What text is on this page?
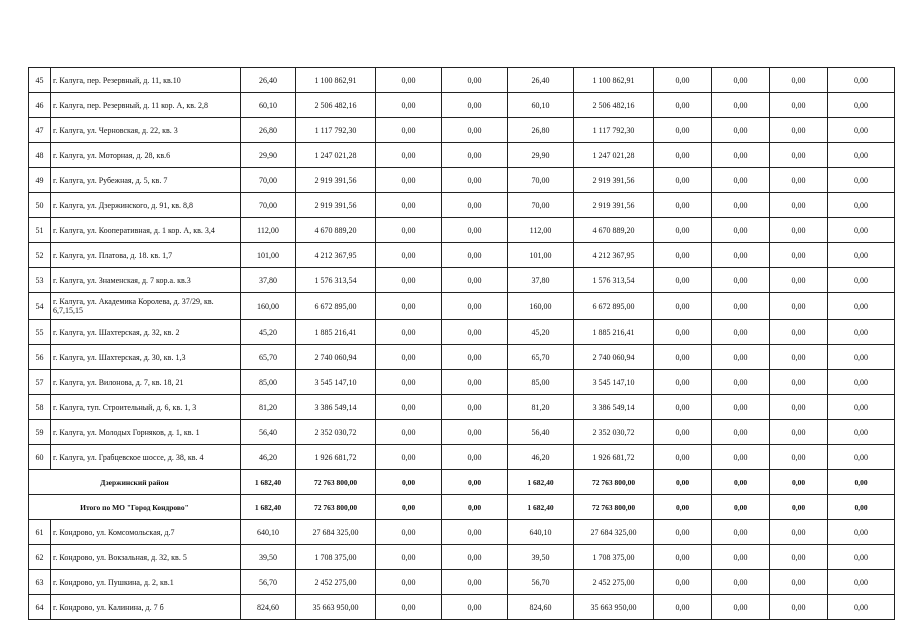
45	г. Калуга, пер. Резервный, д. 11, кв.10	26,40	1 100 862,91	0,00	0,00	26,40	1 100 862,91	0,00	0,00	0,00	0,00
46	г. Калуга, пер. Резервный, д. 11 кор. А, кв. 2,8	60,10	2 506 482,16	0,00	0,00	60,10	2 506 482,16	0,00	0,00	0,00	0,00
47	г. Калуга, ул. Черновская, д. 22, кв. 3	26,80	1 117 792,30	0,00	0,00	26,80	1 117 792,30	0,00	0,00	0,00	0,00
48	г. Калуга, ул. Моторная, д. 28, кв.6	29,90	1 247 021,28	0,00	0,00	29,90	1 247 021,28	0,00	0,00	0,00	0,00
49	г. Калуга, ул. Рубежная, д. 5, кв. 7	70,00	2 919 391,56	0,00	0,00	70,00	2 919 391,56	0,00	0,00	0,00	0,00
50	г. Калуга, ул. Дзержинского, д. 91, кв. 8,8	70,00	2 919 391,56	0,00	0,00	70,00	2 919 391,56	0,00	0,00	0,00	0,00
51	г. Калуга, ул. Кооперативная, д. 1 кор. А, кв. 3,4	112,00	4 670 889,20	0,00	0,00	112,00	4 670 889,20	0,00	0,00	0,00	0,00
52	г. Калуга, ул. Платова, д. 18. кв. 1,7	101,00	4 212 367,95	0,00	0,00	101,00	4 212 367,95	0,00	0,00	0,00	0,00
53	г. Калуга, ул. Знаменская, д. 7 кор.а. кв.3	37,80	1 576 313,54	0,00	0,00	37,80	1 576 313,54	0,00	0,00	0,00	0,00
54	г. Калуга, ул. Академика Королева, д. 37/29, кв. 6,7,15,15	160,00	6 672 895,00	0,00	0,00	160,00	6 672 895,00	0,00	0,00	0,00	0,00
55	г. Калуга, ул. Шахтерская, д. 32, кв. 2	45,20	1 885 216,41	0,00	0,00	45,20	1 885 216,41	0,00	0,00	0,00	0,00
56	г. Калуга, ул. Шахтерская, д. 30, кв. 1,3	65,70	2 740 060,94	0,00	0,00	65,70	2 740 060,94	0,00	0,00	0,00	0,00
57	г. Калуга, ул. Вилонова, д. 7, кв. 18, 21	85,00	3 545 147,10	0,00	0,00	85,00	3 545 147,10	0,00	0,00	0,00	0,00
58	г. Калуга, туп. Строительный, д. 6, кв. 1, 3	81,20	3 386 549,14	0,00	0,00	81,20	3 386 549,14	0,00	0,00	0,00	0,00
59	г. Калуга, ул. Молодых Горняков, д. 1, кв. 1	56,40	2 352 030,72	0,00	0,00	56,40	2 352 030,72	0,00	0,00	0,00	0,00
60	г. Калуга, ул. Грабцевское шоссе, д. 38, кв. 4	46,20	1 926 681,72	0,00	0,00	46,20	1 926 681,72	0,00	0,00	0,00	0,00
Дзержинский район		1 682,40	72 763 800,00	0,00	0,00	1 682,40	72 763 800,00	0,00	0,00	0,00	0,00
Итого по МО "Город Кондрово"		1 682,40	72 763 800,00	0,00	0,00	1 682,40	72 763 800,00	0,00	0,00	0,00	0,00
61	г. Кондрово, ул. Комсомольская, д.7	640,10	27 684 325,00	0,00	0,00	640,10	27 684 325,00	0,00	0,00	0,00	0,00
62	г. Кондрово, ул. Вокзальная, д. 32, кв. 5	39,50	1 708 375,00	0,00	0,00	39,50	1 708 375,00	0,00	0,00	0,00	0,00
63	г. Кондрово, ул. Пушкина, д. 2, кв.1	56,70	2 452 275,00	0,00	0,00	56,70	2 452 275,00	0,00	0,00	0,00	0,00
64	г. Кондрово, ул. Калинина, д. 7 б	824,60	35 663 950,00	0,00	0,00	824,60	35 663 950,00	0,00	0,00	0,00	0,00
